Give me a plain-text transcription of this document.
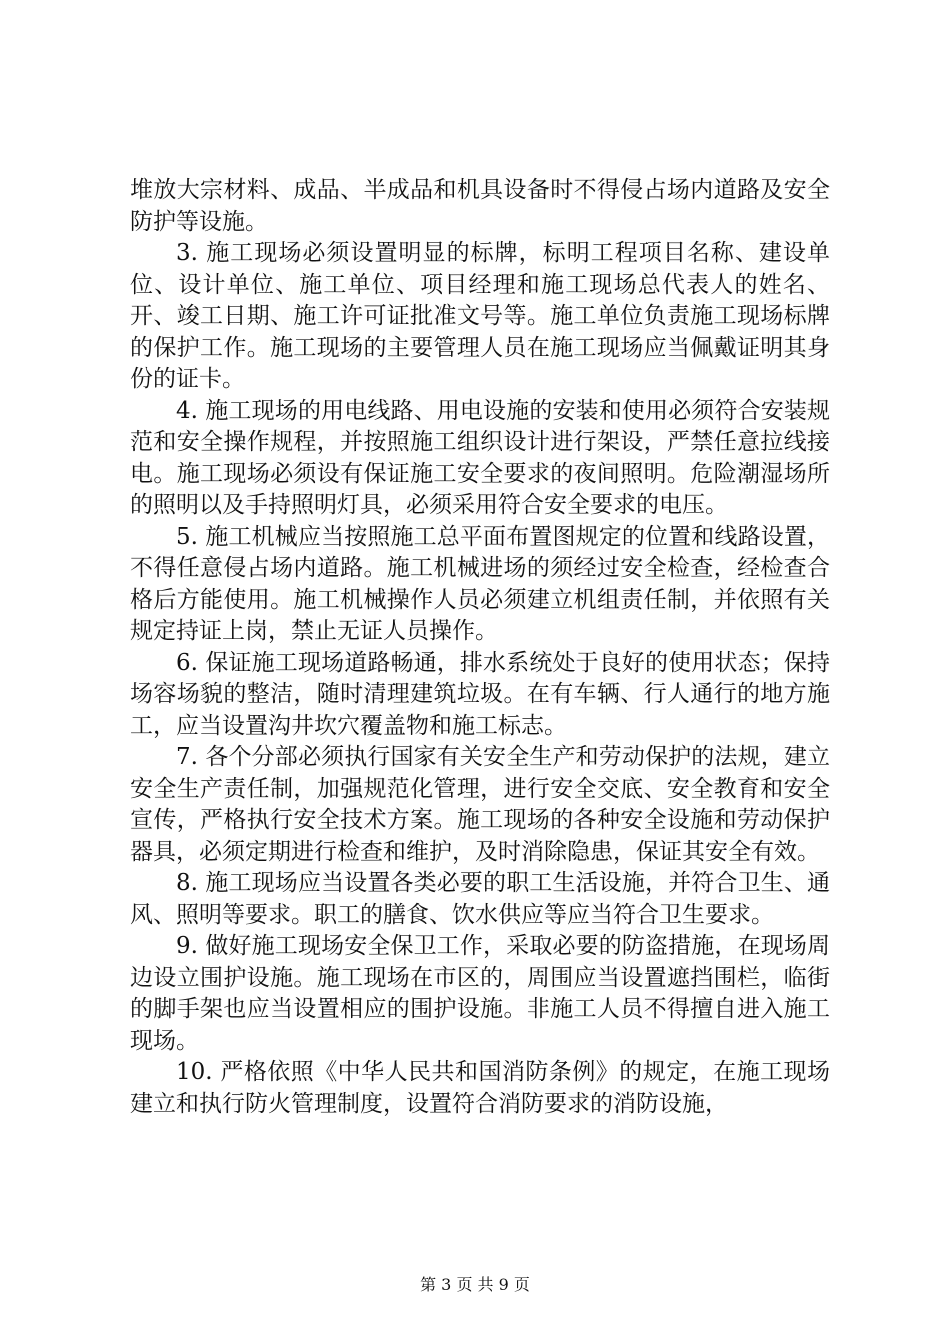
堆放大宗材料、成品、半成品和机具设备时不得侵占场内道路及安全防护等设施。

3. 施工现场必须设置明显的标牌，标明工程项目名称、建设单位、设计单位、施工单位、项目经理和施工现场总代表人的姓名、开、竣工日期、施工许可证批准文号等。施工单位负责施工现场标牌的保护工作。施工现场的主要管理人员在施工现场应当佩戴证明其身份的证卡。

4. 施工现场的用电线路、用电设施的安装和使用必须符合安装规范和安全操作规程，并按照施工组织设计进行架设，严禁任意拉线接电。施工现场必须设有保证施工安全要求的夜间照明。危险潮湿场所的照明以及手持照明灯具，必须采用符合安全要求的电压。

5. 施工机械应当按照施工总平面布置图规定的位置和线路设置，不得任意侵占场内道路。施工机械进场的须经过安全检查，经检查合格后方能使用。施工机械操作人员必须建立机组责任制，并依照有关规定持证上岗，禁止无证人员操作。

6. 保证施工现场道路畅通，排水系统处于良好的使用状态；保持场容场貌的整洁，随时清理建筑垃圾。在有车辆、行人通行的地方施工，应当设置沟井坎穴覆盖物和施工标志。

7. 各个分部必须执行国家有关安全生产和劳动保护的法规，建立安全生产责任制，加强规范化管理，进行安全交底、安全教育和安全宣传，严格执行安全技术方案。施工现场的各种安全设施和劳动保护器具，必须定期进行检查和维护，及时消除隐患，保证其安全有效。

8. 施工现场应当设置各类必要的职工生活设施，并符合卫生、通风、照明等要求。职工的膳食、饮水供应等应当符合卫生要求。

9. 做好施工现场安全保卫工作，采取必要的防盗措施，在现场周边设立围护设施。施工现场在市区的，周围应当设置遮挡围栏，临街的脚手架也应当设置相应的围护设施。非施工人员不得擅自进入施工现场。

10. 严格依照《中华人民共和国消防条例》的规定，在施工现场建立和执行防火管理制度，设置符合消防要求的消防设施，

第 3 页 共 9 页
